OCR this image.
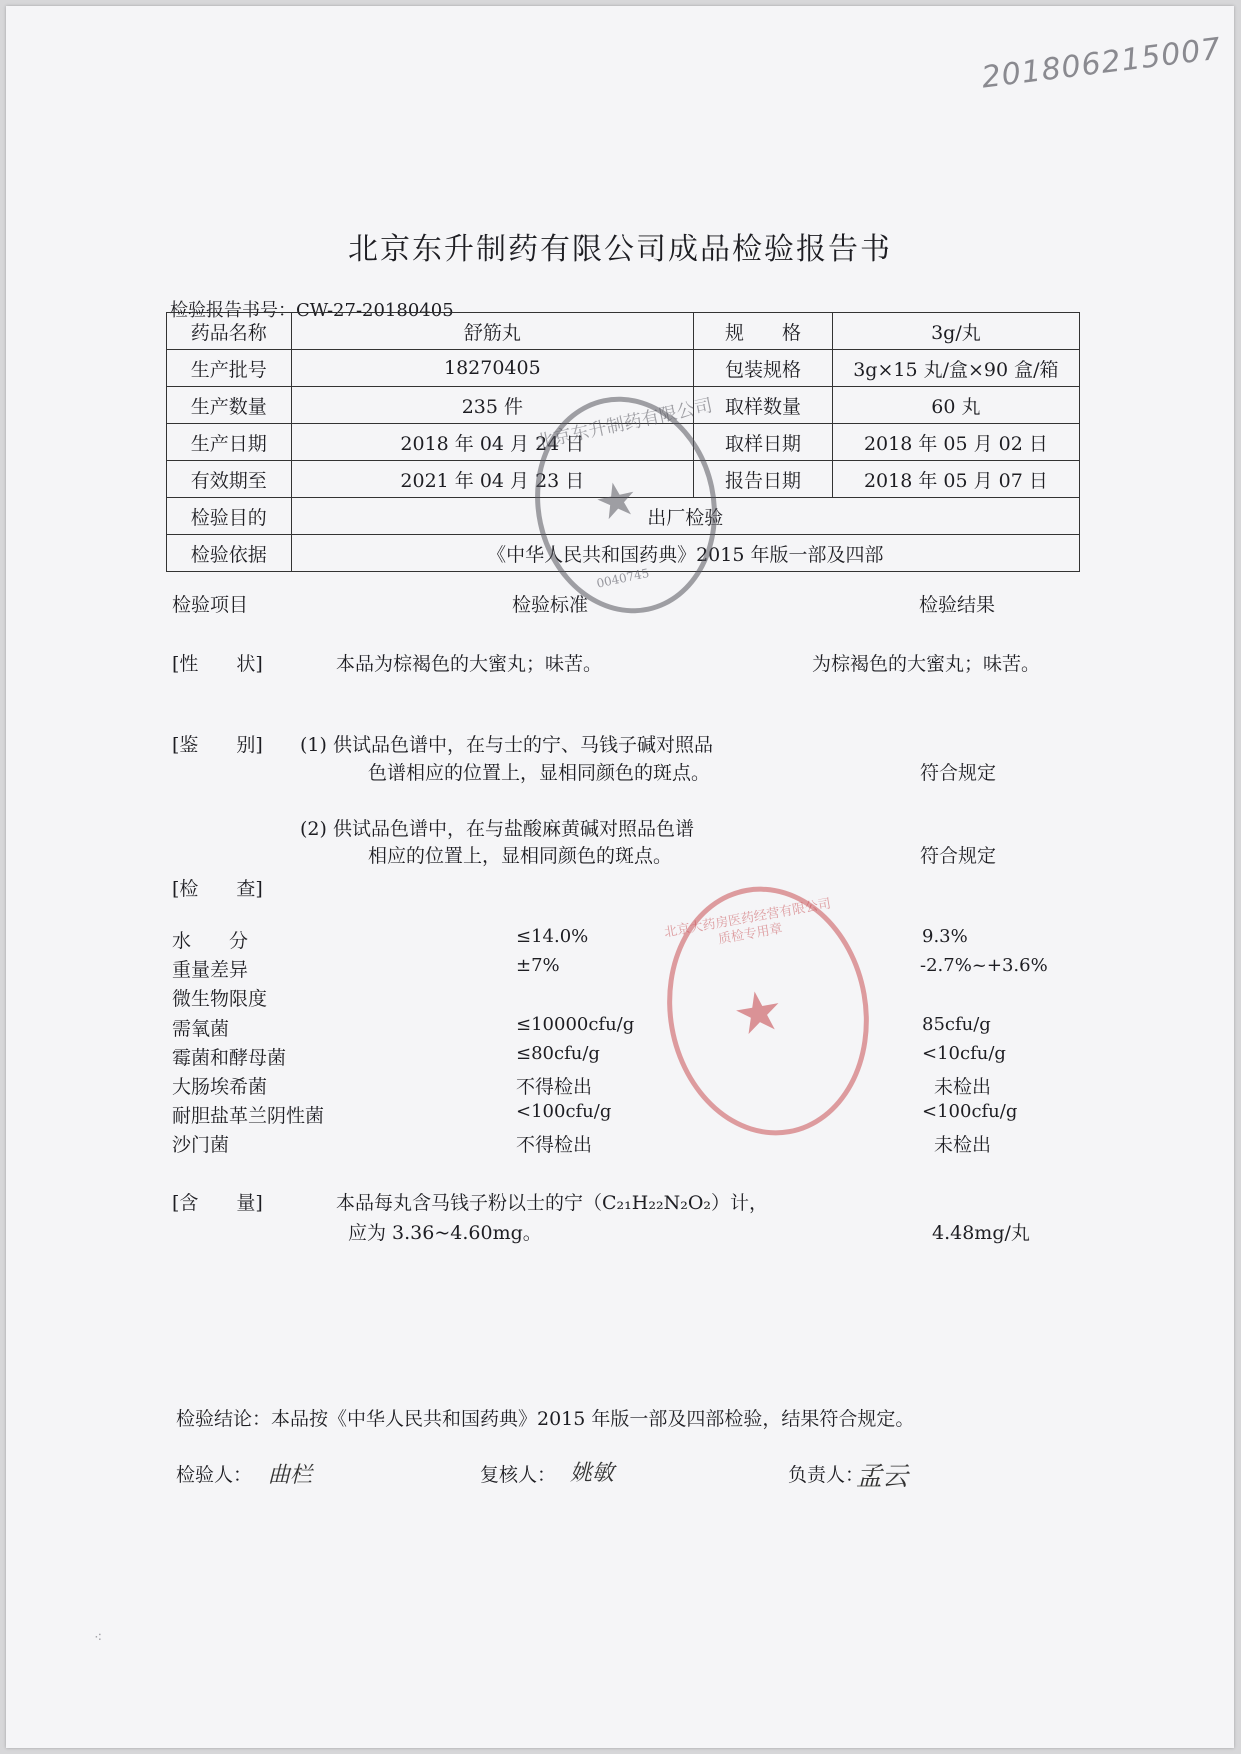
201806215007
北京东升制药有限公司成品检验报告书
检验报告书号：CW-27-20180405
药品名称	舒筋丸	规　　格	3g/丸
生产批号	18270405	包装规格	3g×15 丸/盒×90 盒/箱
生产数量	235 件	取样数量	60 丸
生产日期	2018 年 04 月 24 日	取样日期	2018 年 05 月 02 日
有效期至	2021 年 04 月 23 日	报告日期	2018 年 05 月 07 日
检验目的	出厂检验		
检验依据	《中华人民共和国药典》2015 年版一部及四部		
★
北京东升制药有限公司
0040745
检验项目	检验标准	检验结果
[性　　状]	本品为棕褐色的大蜜丸；味苦。	为棕褐色的大蜜丸；味苦。
[鉴　　别] (1) 供试品色谱中，在与士的宁、马钱子碱对照品
色谱相应的位置上，显相同颜色的斑点。	符合规定
(2) 供试品色谱中，在与盐酸麻黄碱对照品色谱
相应的位置上，显相同颜色的斑点。	符合规定
[检　　查]
水　　分	≤14.0%	9.3%
重量差异	±7%	-2.7%~+3.6%
微生物限度
需氧菌	≤10000cfu/g	85cfu/g
霉菌和酵母菌	≤80cfu/g	<10cfu/g
大肠埃希菌	不得检出	未检出
耐胆盐革兰阴性菌	<100cfu/g	<100cfu/g
沙门菌	不得检出	未检出
★
北京大药房医药经营有限公司 质检专用章
[含　　量]	本品每丸含马钱子粉以士的宁（C₂₁H₂₂N₂O₂）计，
应为 3.36~4.60mg。	4.48mg/丸
检验结论：本品按《中华人民共和国药典》2015 年版一部及四部检验，结果符合规定。
检验人： 曲栏	复核人： 姚敏	负责人：
孟云
⁖
